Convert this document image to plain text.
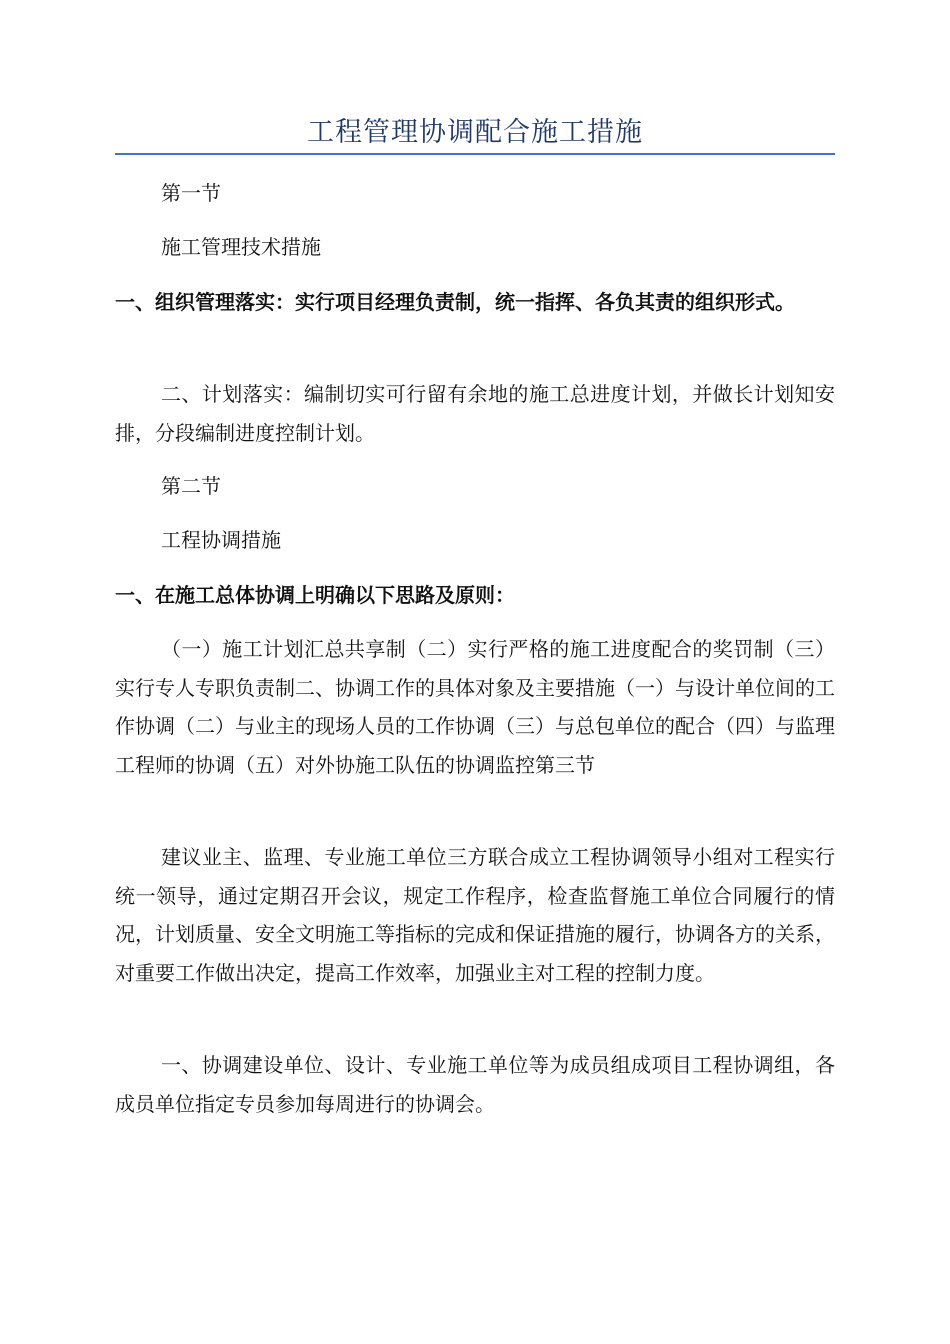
工程管理协调配合施工措施

第一节

施工管理技术措施

一、组织管理落实：实行项目经理负责制，统一指挥、各负其责的组织形式。

二、计划落实：编制切实可行留有余地的施工总进度计划，并做长计划知安排，分段编制进度控制计划。

第二节

工程协调措施

一、在施工总体协调上明确以下思路及原则：

（一）施工计划汇总共享制（二）实行严格的施工进度配合的奖罚制（三）实行专人专职负责制二、协调工作的具体对象及主要措施（一）与设计单位间的工作协调（二）与业主的现场人员的工作协调（三）与总包单位的配合（四）与监理工程师的协调（五）对外协施工队伍的协调监控第三节

建议业主、监理、专业施工单位三方联合成立工程协调领导小组对工程实行统一领导，通过定期召开会议，规定工作程序，检查监督施工单位合同履行的情况，计划质量、安全文明施工等指标的完成和保证措施的履行，协调各方的关系，对重要工作做出决定，提高工作效率，加强业主对工程的控制力度。

一、协调建设单位、设计、专业施工单位等为成员组成项目工程协调组，各成员单位指定专员参加每周进行的协调会。
